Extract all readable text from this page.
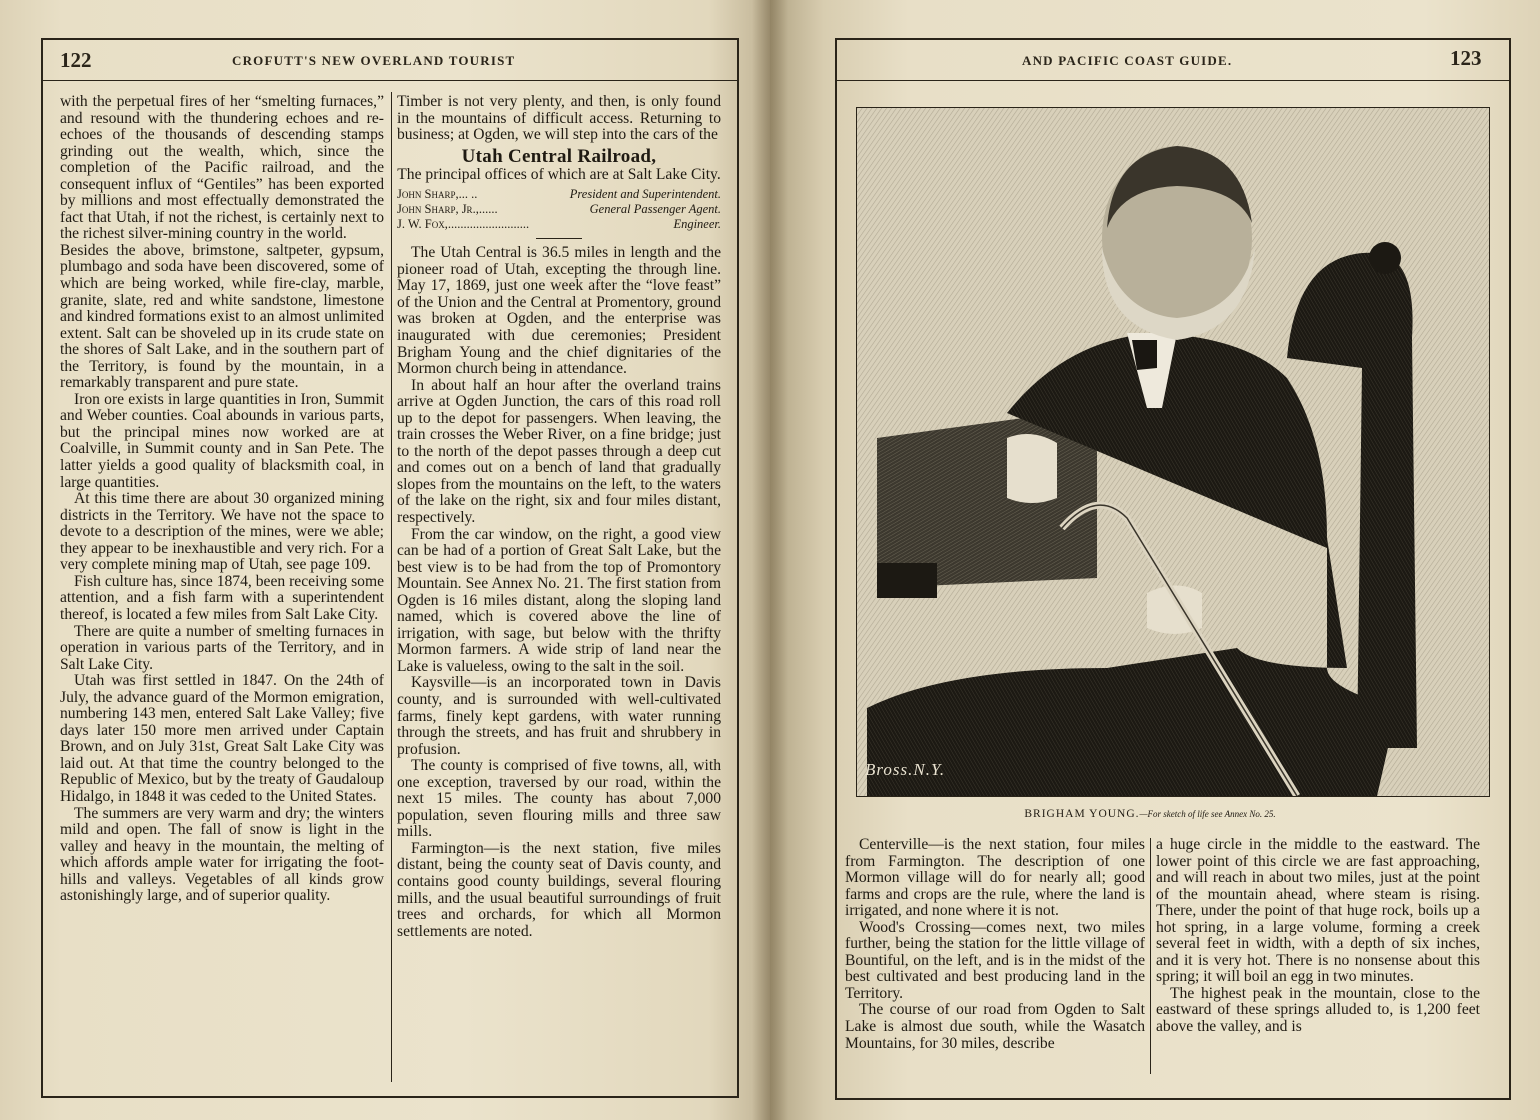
122	CROFUTT'S NEW OVERLAND TOURIST

with the perpetual fires of her “smelting furnaces,” and resound with the thundering echoes and re-echoes of the thousands of descending stamps grinding out the wealth, which, since the completion of the Pacific railroad, and the consequent influx of “Gentiles” has been exported by millions and most effectually demonstrated the fact that Utah, if not the richest, is certainly next to the richest silver-mining country in the world.

Besides the above, brimstone, saltpeter, gypsum, plumbago and soda have been discovered, some of which are being worked, while fire-clay, marble, granite, slate, red and white sandstone, limestone and kindred formations exist to an almost unlimited extent. Salt can be shoveled up in its crude state on the shores of Salt Lake, and in the southern part of the Territory, is found by the mountain, in a remarkably transparent and pure state.

Iron ore exists in large quantities in Iron, Summit and Weber counties. Coal abounds in various parts, but the principal mines now worked are at Coalville, in Summit county and in San Pete. The latter yields a good quality of blacksmith coal, in large quantities.

At this time there are about 30 organized mining districts in the Territory. We have not the space to devote to a description of the mines, were we able; they appear to be inexhaustible and very rich. For a very complete mining map of Utah, see page 109.

Fish culture has, since 1874, been receiving some attention, and a fish farm with a superintendent thereof, is located a few miles from Salt Lake City.

There are quite a number of smelting furnaces in operation in various parts of the Territory, and in Salt Lake City.

Utah was first settled in 1847. On the 24th of July, the advance guard of the Mormon emigration, numbering 143 men, entered Salt Lake Valley; five days later 150 more men arrived under Captain Brown, and on July 31st, Great Salt Lake City was laid out. At that time the country belonged to the Republic of Mexico, but by the treaty of Gaudaloup Hidalgo, in 1848 it was ceded to the United States.

The summers are very warm and dry; the winters mild and open. The fall of snow is light in the valley and heavy in the mountain, the melting of which affords ample water for irrigating the foot-hills and valleys. Vegetables of all kinds grow astonishingly large, and of superior quality.

Timber is not very plenty, and then, is only found in the mountains of difficult access. Returning to business; at Ogden, we will step into the cars of the

Utah Central Railroad,
The principal offices of which are at Salt Lake City.
John Sharp, ... ..	President and Superintendent.
John Sharp, Jr., ......	General Passenger Agent.
J. W. Fox, ..........................	Engineer.

The Utah Central is 36.5 miles in length and the pioneer road of Utah, excepting the through line. May 17, 1869, just one week after the “love feast” of the Union and the Central at Promentory, ground was broken at Ogden, and the enterprise was inaugurated with due ceremonies; President Brigham Young and the chief dignitaries of the Mormon church being in attendance.

In about half an hour after the overland trains arrive at Ogden Junction, the cars of this road roll up to the depot for passengers. When leaving, the train crosses the Weber River, on a fine bridge; just to the north of the depot passes through a deep cut and comes out on a bench of land that gradually slopes from the mountains on the left, to the waters of the lake on the right, six and four miles distant, respectively.

From the car window, on the right, a good view can be had of a portion of Great Salt Lake, but the best view is to be had from the top of Promontory Mountain. See Annex No. 21. The first station from Ogden is 16 miles distant, along the sloping land named, which is covered above the line of irrigation, with sage, but below with the thrifty Mormon farmers. A wide strip of land near the Lake is valueless, owing to the salt in the soil.

Kaysville—is an incorporated town in Davis county, and is surrounded with well-cultivated farms, finely kept gardens, with water running through the streets, and has fruit and shrubbery in profusion.

The county is comprised of five towns, all, with one exception, traversed by our road, within the next 15 miles. The county has about 7,000 population, seven flouring mills and three saw mills.

Farmington—is the next station, five miles distant, being the county seat of Davis county, and contains good county buildings, several flouring mills, and the usual beautiful surroundings of fruit trees and orchards, for which all Mormon settlements are noted.

AND PACIFIC COAST GUIDE.	123
Bross.N.Y.
BRIGHAM YOUNG.—For sketch of life see Annex No. 25.

Centerville—is the next station, four miles from Farmington. The description of one Mormon village will do for nearly all; good farms and crops are the rule, where the land is irrigated, and none where it is not.

Wood's Crossing—comes next, two miles further, being the station for the little village of Bountiful, on the left, and is in the midst of the best cultivated and best producing land in the Territory.

The course of our road from Ogden to Salt Lake is almost due south, while the Wasatch Mountains, for 30 miles, describe

a huge circle in the middle to the eastward. The lower point of this circle we are fast approaching, and will reach in about two miles, just at the point of the mountain ahead, where steam is rising. There, under the point of that huge rock, boils up a hot spring, in a large volume, forming a creek several feet in width, with a depth of six inches, and it is very hot. There is no nonsense about this spring; it will boil an egg in two minutes.

The highest peak in the mountain, close to the eastward of these springs alluded to, is 1,200 feet above the valley, and is
